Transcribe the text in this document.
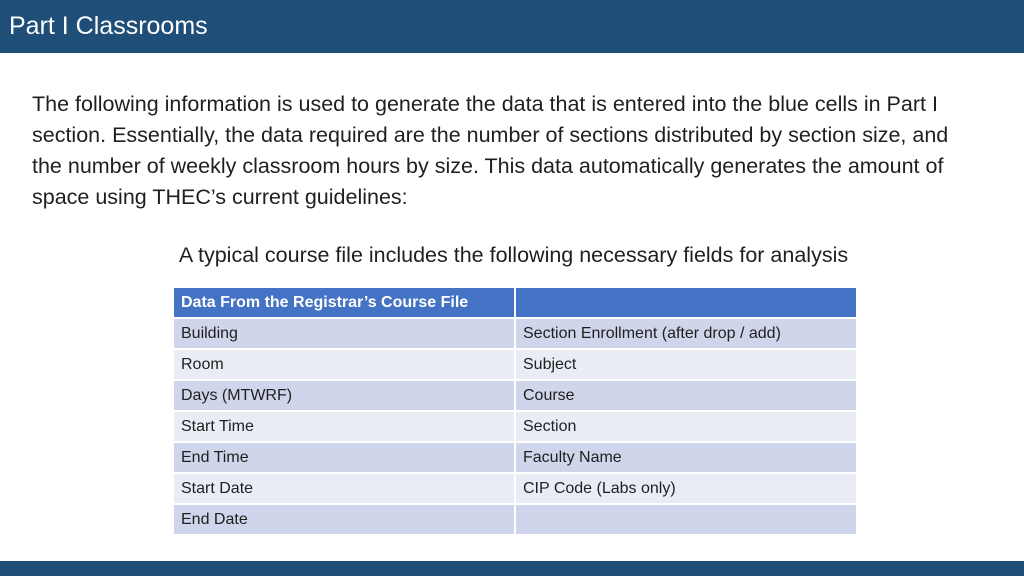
Part I Classrooms

The following information is used to generate the data that is entered into the blue cells in Part I section. Essentially, the data required are the number of sections distributed by section size, and the number of weekly classroom hours by size. This data automatically generates the amount of space using THEC’s current guidelines:

A typical course file includes the following necessary fields for analysis

Data From the Registrar’s Course File	
Building	Section Enrollment (after drop / add)
Room	Subject
Days (MTWRF)	Course
Start Time	Section
End Time	Faculty Name
Start Date	CIP Code (Labs only)
End Date	
